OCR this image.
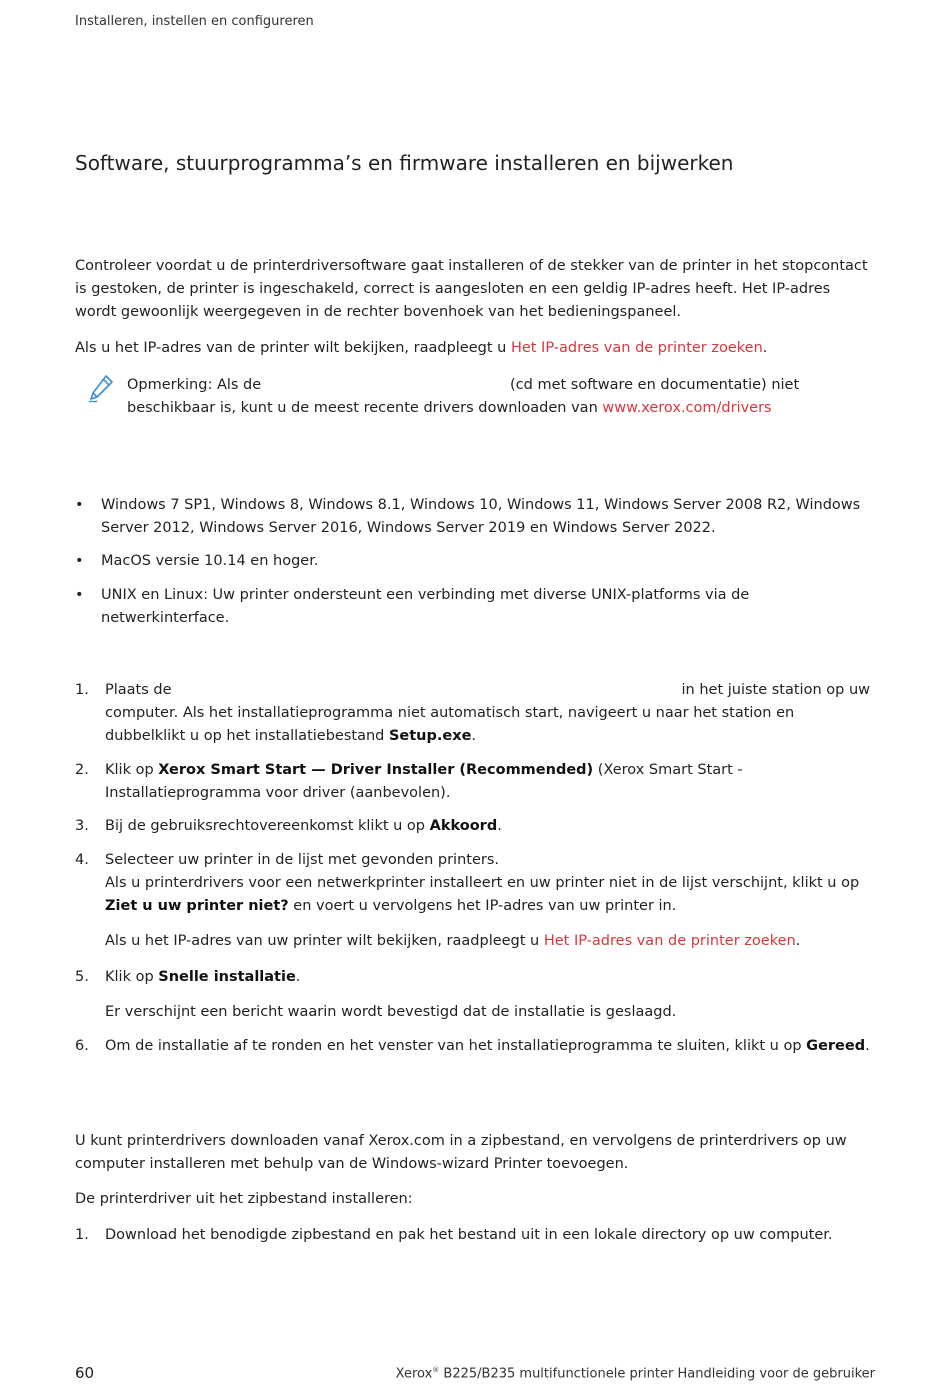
Installeren, instellen en configureren
Software, stuurprogramma’s en firmware installeren en bijwerken

Controleer voordat u de printerdriversoftware gaat installeren of de stekker van de printer in het stopcontact is gestoken, de printer is ingeschakeld, correct is aangesloten en een geldig IP-adres heeft. Het IP-adres wordt gewoonlijk weergegeven in de rechter bovenhoek van het bedieningspaneel.

Als u het IP-adres van de printer wilt bekijken, raadpleegt u Het IP-adres van de printer zoeken.

Opmerking: Als de	(cd met software en documentatie) niet
beschikbaar is, kunt u de meest recente drivers downloaden van www.xerox.com/drivers
• Windows 7 SP1, Windows 8, Windows 8.1, Windows 10, Windows 11, Windows Server 2008 R2, Windows Server 2012, Windows Server 2016, Windows Server 2019 en Windows Server 2022.
• MacOS versie 10.14 en hoger.
• UNIX en Linux: Uw printer ondersteunt een verbinding met diverse UNIX-platforms via de netwerkinterface.
1. Plaats de	in het juiste station op uw
computer. Als het installatieprogramma niet automatisch start, navigeert u naar het station en dubbelklikt u op het installatiebestand Setup.exe.
2. Klik op Xerox Smart Start — Driver Installer (Recommended) (Xerox Smart Start - Installatieprogramma voor driver (aanbevolen).
3. Bij de gebruiksrechtovereenkomst klikt u op Akkoord.
4. Selecteer uw printer in de lijst met gevonden printers.
Als u printerdrivers voor een netwerkprinter installeert en uw printer niet in de lijst verschijnt, klikt u op Ziet u uw printer niet? en voert u vervolgens het IP-adres van uw printer in.
Als u het IP-adres van uw printer wilt bekijken, raadpleegt u Het IP-adres van de printer zoeken.
5. Klik op Snelle installatie.
Er verschijnt een bericht waarin wordt bevestigd dat de installatie is geslaagd.
6. Om de installatie af te ronden en het venster van het installatieprogramma te sluiten, klikt u op Gereed.

U kunt printerdrivers downloaden vanaf Xerox.com in a zipbestand, en vervolgens de printerdrivers op uw computer installeren met behulp van de Windows-wizard Printer toevoegen.

De printerdriver uit het zipbestand installeren:

1. Download het benodigde zipbestand en pak het bestand uit in een lokale directory op uw computer.
60	Xerox® B225/B235 multifunctionele printer Handleiding voor de gebruiker
